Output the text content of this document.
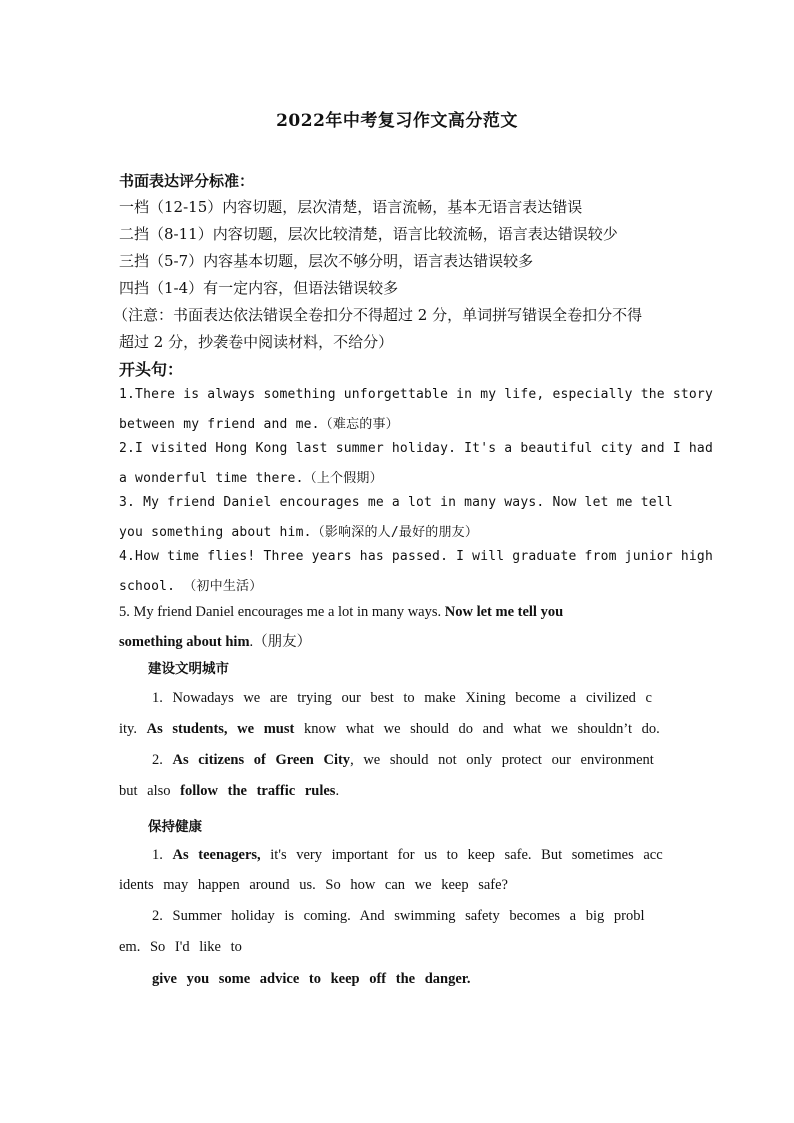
2022年中考复习作文高分范文
书面表达评分标准：
一档（12-15）内容切题，层次清楚，语言流畅，基本无语言表达错误
二挡（8-11）内容切题，层次比较清楚，语言比较流畅，语言表达错误较少
三挡（5-7）内容基本切题，层次不够分明，语言表达错误较多
四挡（1-4）有一定内容，但语法错误较多
（注意：书面表达依法错误全卷扣分不得超过 2 分，单词拼写错误全卷扣分不得
超过 2 分，抄袭卷中阅读材料，不给分）
开头句：
1.There is always something unforgettable in my life, especially the story
between my friend and me.（难忘的事）
2.I visited Hong Kong last summer holiday. It's a beautiful city and I had
a wonderful time there.（上个假期）
3. My friend Daniel encourages me a lot in many ways. Now let me tell
you something about him.（影响深的人/最好的朋友）
4.How time flies! Three years has passed. I will graduate from junior high
school. （初中生活）
5. My friend Daniel encourages me a lot in many ways. Now let me tell you
something about him.（朋友）
建设文明城市
1. Nowadays we are trying our best to make Xining become a civilized c
ity. As students, we must know what we should do and what we shouldn’t do.
2. As citizens of Green City, we should not only protect our environment
but also follow the traffic rules.
保持健康
1. As teenagers, it's very important for us to keep safe. But sometimes acc
idents may happen around us. So how can we keep safe?
2. Summer holiday is coming. And swimming safety becomes a big probl
em. So I'd like to
give you some advice to keep off the danger.
